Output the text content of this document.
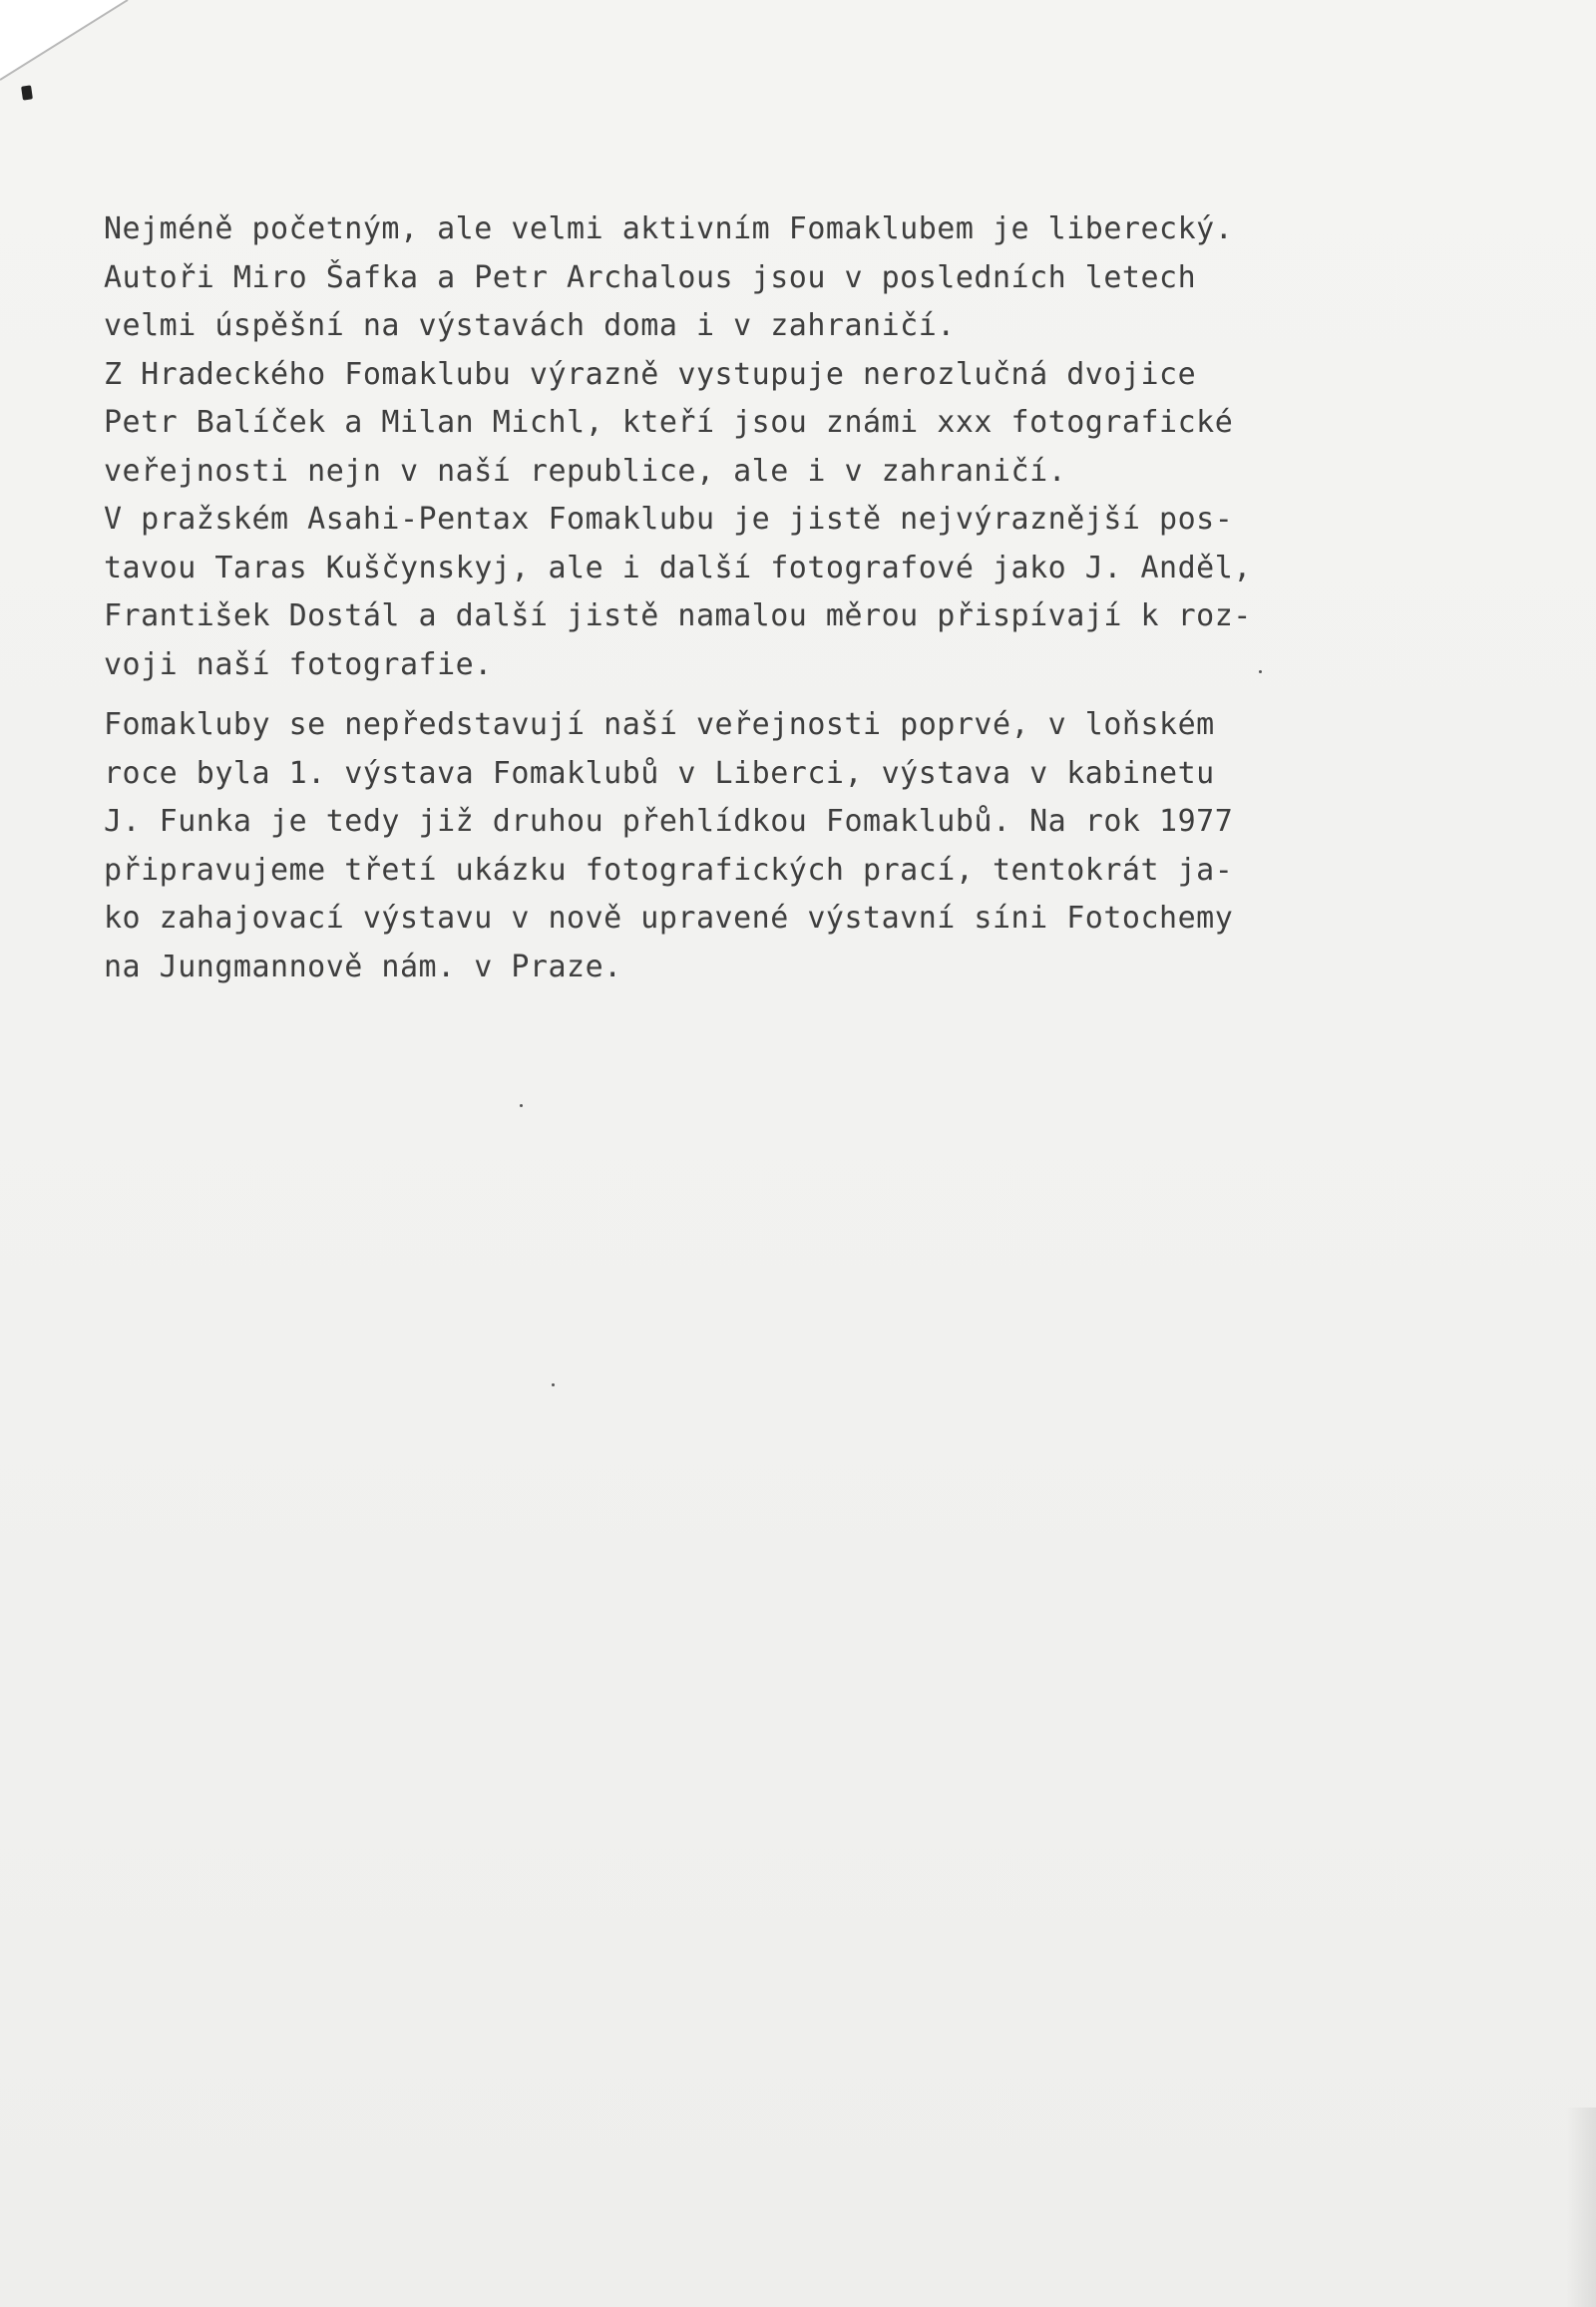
Nejméně početným, ale velmi aktivním Fomaklubem je liberecký.
Autoři Miro Šafka a Petr Archalous jsou v posledních letech
velmi úspěšní na výstavách doma i v zahraničí.
Z Hradeckého Fomaklubu výrazně vystupuje nerozlučná dvojice
Petr Balíček a Milan Michl, kteří jsou známi xxx fotografické
veřejnosti nejn v naší republice, ale i v zahraničí.
V pražském Asahi-Pentax Fomaklubu je jistě nejvýraznější pos-
tavou Taras Kuščynskyj, ale i další fotografové jako J. Anděl,
František Dostál a další jistě namalou měrou přispívají k roz-
voji naší fotografie.
Fomakluby se nepředstavují naší veřejnosti poprvé, v loňském
roce byla 1. výstava Fomaklubů v Liberci, výstava v kabinetu
J. Funka je tedy již druhou přehlídkou Fomaklubů. Na rok 1977
připravujeme třetí ukázku fotografických prací, tentokrát ja-
ko zahajovací výstavu v nově upravené výstavní síni Fotochemy
na Jungmannově nám. v Praze.
